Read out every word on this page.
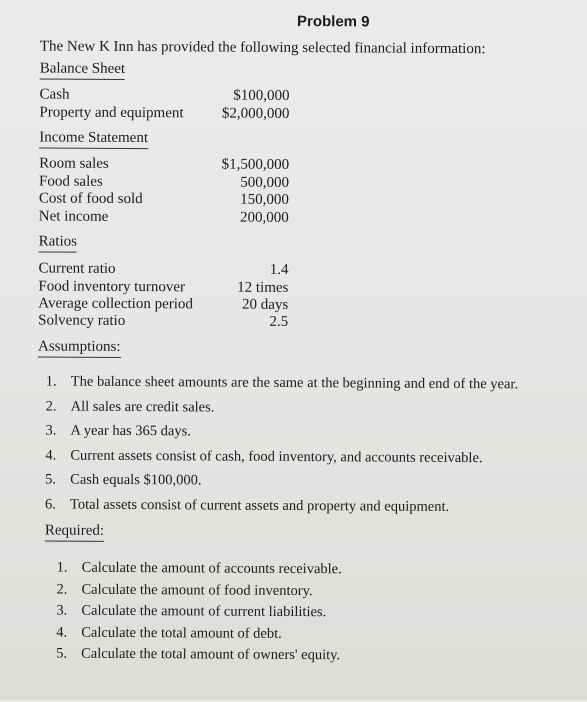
Problem 9
The New K Inn has provided the following selected financial information:
Balance Sheet
Cash	$100,000
Property and equipment	$2,000,000
Income Statement
Room sales	$1,500,000
Food sales	500,000
Cost of food sold	150,000
Net income	200,000
Ratios
Current ratio	1.4
Food inventory turnover	12 times
Average collection period	20 days
Solvency ratio	2.5
Assumptions:
1. The balance sheet amounts are the same at the beginning and end of the year.
2. All sales are credit sales.
3. A year has 365 days.
4. Current assets consist of cash, food inventory, and accounts receivable.
5. Cash equals $100,000.
6. Total assets consist of current assets and property and equipment.
Required:
1. Calculate the amount of accounts receivable.
2. Calculate the amount of food inventory.
3. Calculate the amount of current liabilities.
4. Calculate the total amount of debt.
5. Calculate the total amount of owners' equity.
